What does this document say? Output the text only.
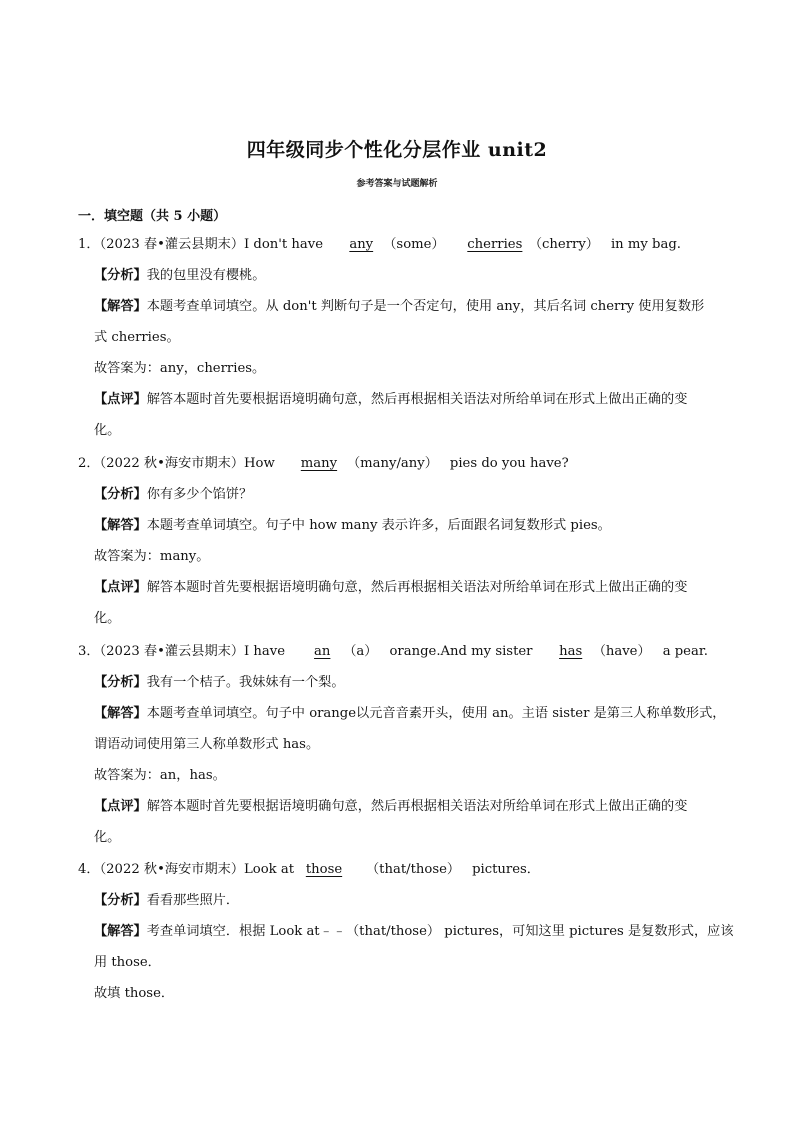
四年级同步个性化分层作业 unit2
参考答案与试题解析
一．填空题（共 5 小题）
1．（2023 春•灌云县期末）I don't have any （some） cherries （cherry） in my bag.
【分析】我的包里没有樱桃。
【解答】本题考查单词填空。从 don't 判断句子是一个否定句，使用 any，其后名词 cherry 使用复数形
式 cherries。
故答案为：any，cherries。
【点评】解答本题时首先要根据语境明确句意，然后再根据相关语法对所给单词在形式上做出正确的变
化。
2．（2022 秋•海安市期末）How many （many/any） pies do you have?
【分析】你有多少个馅饼？
【解答】本题考查单词填空。句子中 how many 表示许多，后面跟名词复数形式 pies。
故答案为：many。
【点评】解答本题时首先要根据语境明确句意，然后再根据相关语法对所给单词在形式上做出正确的变
化。
3．（2023 春•灌云县期末）I have an （a） orange.And my sister has （have） a pear.
【分析】我有一个桔子。我妹妹有一个梨。
【解答】本题考查单词填空。句子中 orange以元音音素开头，使用 an。主语 sister 是第三人称单数形式，
谓语动词使用第三人称单数形式 has。
故答案为：an，has。
【点评】解答本题时首先要根据语境明确句意，然后再根据相关语法对所给单词在形式上做出正确的变
化。
4．（2022 秋•海安市期末）Look at those （that/those） pictures．
【分析】看看那些照片．
【解答】考查单词填空．根据 Look at﹣﹣（that/those） pictures，可知这里 pictures 是复数形式，应该
用 those．
故填 those．
